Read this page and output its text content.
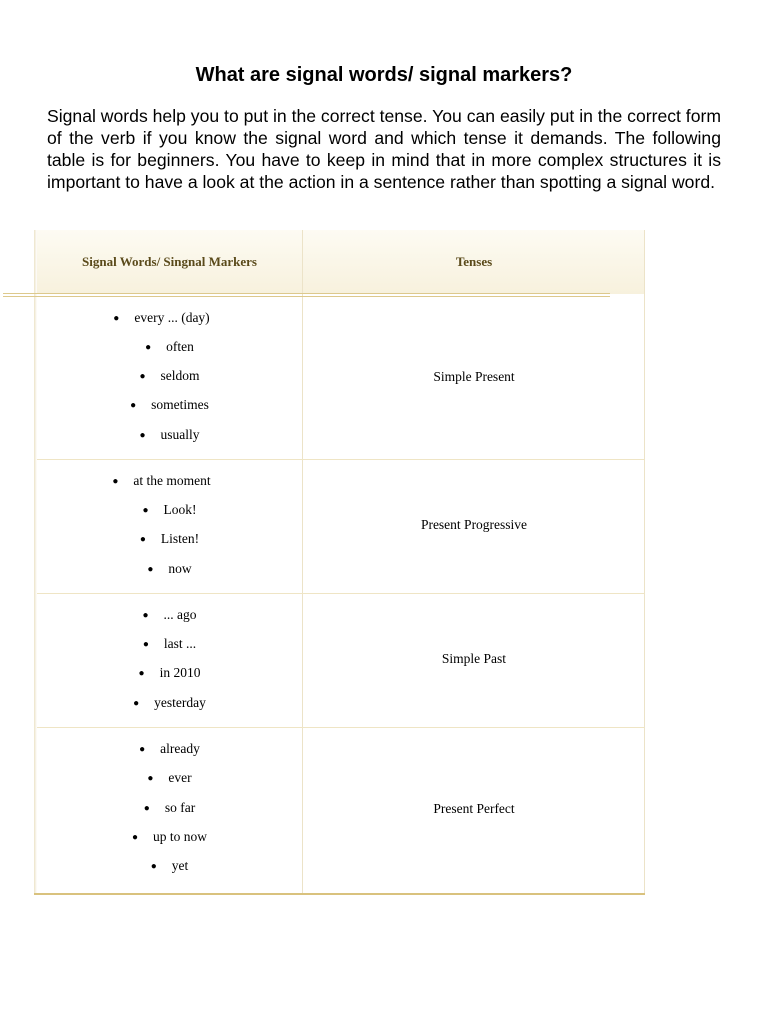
What are signal words/ signal markers?
Signal words help you to put in the correct tense. You can easily put in the correct form of the verb if you know the signal word and which tense it demands. The following table is for beginners. You have to keep in mind that in more complex structures it is important to have a look at the action in a sentence rather than spotting a signal word.
Signal Words/ Singnal Markers	Tenses
● every ... (day)
● often
● seldom
● sometimes
● usually
Simple Present
● at the moment
● Look!
● Listen!
● now
Present Progressive
● ... ago
● last ...
● in 2010
● yesterday
Simple Past
● already
● ever
● so far
● up to now
● yet
Present Perfect
